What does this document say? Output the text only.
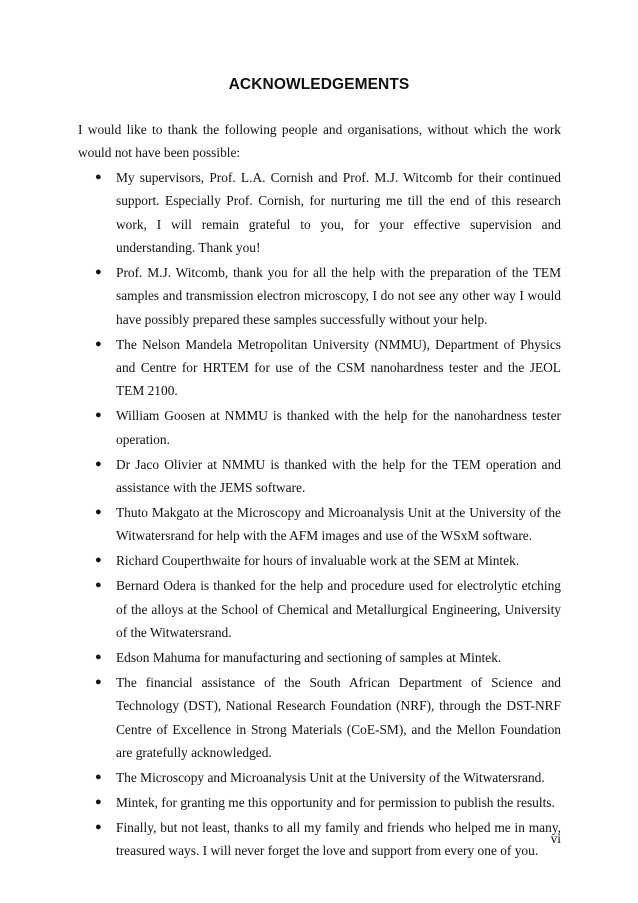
ACKNOWLEDGEMENTS

I would like to thank the following people and organisations, without which the work would not have been possible:

● My supervisors, Prof. L.A. Cornish and Prof. M.J. Witcomb for their continued support. Especially Prof. Cornish, for nurturing me till the end of this research work, I will remain grateful to you, for your effective supervision and understanding. Thank you!
● Prof. M.J. Witcomb, thank you for all the help with the preparation of the TEM samples and transmission electron microscopy, I do not see any other way I would have possibly prepared these samples successfully without your help.
● The Nelson Mandela Metropolitan University (NMMU), Department of Physics and Centre for HRTEM for use of the CSM nanohardness tester and the JEOL TEM 2100.
● William Goosen at NMMU is thanked with the help for the nanohardness tester operation.
● Dr Jaco Olivier at NMMU is thanked with the help for the TEM operation and assistance with the JEMS software.
● Thuto Makgato at the Microscopy and Microanalysis Unit at the University of the Witwatersrand for help with the AFM images and use of the WSxM software.
● Richard Couperthwaite for hours of invaluable work at the SEM at Mintek.
● Bernard Odera is thanked for the help and procedure used for electrolytic etching of the alloys at the School of Chemical and Metallurgical Engineering, University of the Witwatersrand.
● Edson Mahuma for manufacturing and sectioning of samples at Mintek.
● The financial assistance of the South African Department of Science and Technology (DST), National Research Foundation (NRF), through the DST-NRF Centre of Excellence in Strong Materials (CoE-SM), and the Mellon Foundation are gratefully acknowledged.
● The Microscopy and Microanalysis Unit at the University of the Witwatersrand.
● Mintek, for granting me this opportunity and for permission to publish the results.
● Finally, but not least, thanks to all my family and friends who helped me in many, treasured ways. I will never forget the love and support from every one of you.
vi
